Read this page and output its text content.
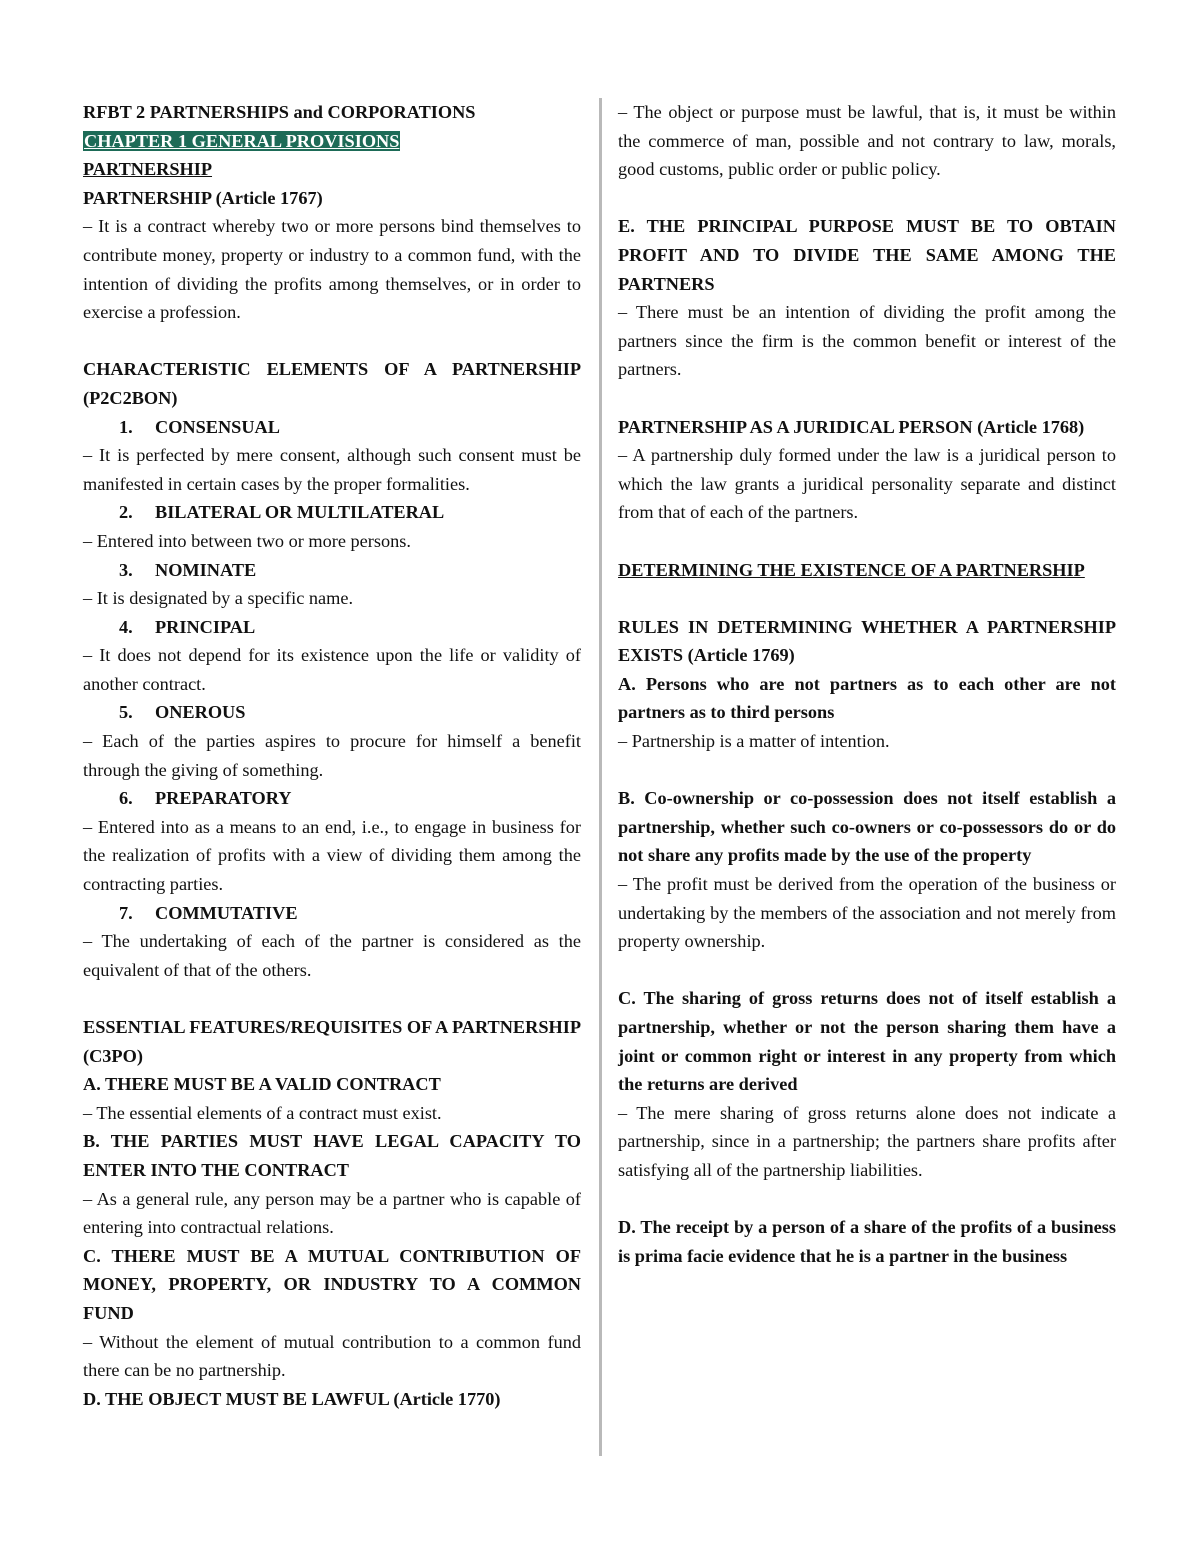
RFBT 2 PARTNERSHIPS and CORPORATIONS

CHAPTER 1 GENERAL PROVISIONS

PARTNERSHIP

PARTNERSHIP (Article 1767)

– It is a contract whereby two or more persons bind themselves to contribute money, property or industry to a common fund, with the intention of dividing the profits among themselves, or in order to exercise a profession.

CHARACTERISTIC ELEMENTS OF A PARTNERSHIP (P2C2BON)

1. CONSENSUAL

– It is perfected by mere consent, although such consent must be manifested in certain cases by the proper formalities.

2. BILATERAL OR MULTILATERAL

– Entered into between two or more persons.

3. NOMINATE

– It is designated by a specific name.

4. PRINCIPAL

– It does not depend for its existence upon the life or validity of another contract.

5. ONEROUS

– Each of the parties aspires to procure for himself a benefit through the giving of something.

6. PREPARATORY

– Entered into as a means to an end, i.e., to engage in business for the realization of profits with a view of dividing them among the contracting parties.

7. COMMUTATIVE

– The undertaking of each of the partner is considered as the equivalent of that of the others.

ESSENTIAL FEATURES/REQUISITES OF A PARTNERSHIP (C3PO)

A. THERE MUST BE A VALID CONTRACT

– The essential elements of a contract must exist.

B. THE PARTIES MUST HAVE LEGAL CAPACITY TO ENTER INTO THE CONTRACT

– As a general rule, any person may be a partner who is capable of entering into contractual relations.

C. THERE MUST BE A MUTUAL CONTRIBUTION OF MONEY, PROPERTY, OR INDUSTRY TO A COMMON FUND

– Without the element of mutual contribution to a common fund there can be no partnership.

D. THE OBJECT MUST BE LAWFUL (Article 1770)

– The object or purpose must be lawful, that is, it must be within the commerce of man, possible and not contrary to law, morals, good customs, public order or public policy.

E. THE PRINCIPAL PURPOSE MUST BE TO OBTAIN PROFIT AND TO DIVIDE THE SAME AMONG THE PARTNERS

– There must be an intention of dividing the profit among the partners since the firm is the common benefit or interest of the partners.

PARTNERSHIP AS A JURIDICAL PERSON (Article 1768)

– A partnership duly formed under the law is a juridical person to which the law grants a juridical personality separate and distinct from that of each of the partners.

DETERMINING THE EXISTENCE OF A PARTNERSHIP

RULES IN DETERMINING WHETHER A PARTNERSHIP EXISTS (Article 1769)

A. Persons who are not partners as to each other are not partners as to third persons

– Partnership is a matter of intention.

B. Co-ownership or co-possession does not itself establish a partnership, whether such co-owners or co-possessors do or do not share any profits made by the use of the property

– The profit must be derived from the operation of the business or undertaking by the members of the association and not merely from property ownership.

C. The sharing of gross returns does not of itself establish a partnership, whether or not the person sharing them have a joint or common right or interest in any property from which the returns are derived

– The mere sharing of gross returns alone does not indicate a partnership, since in a partnership; the partners share profits after satisfying all of the partnership liabilities.

D. The receipt by a person of a share of the profits of a business is prima facie evidence that he is a partner in the business
